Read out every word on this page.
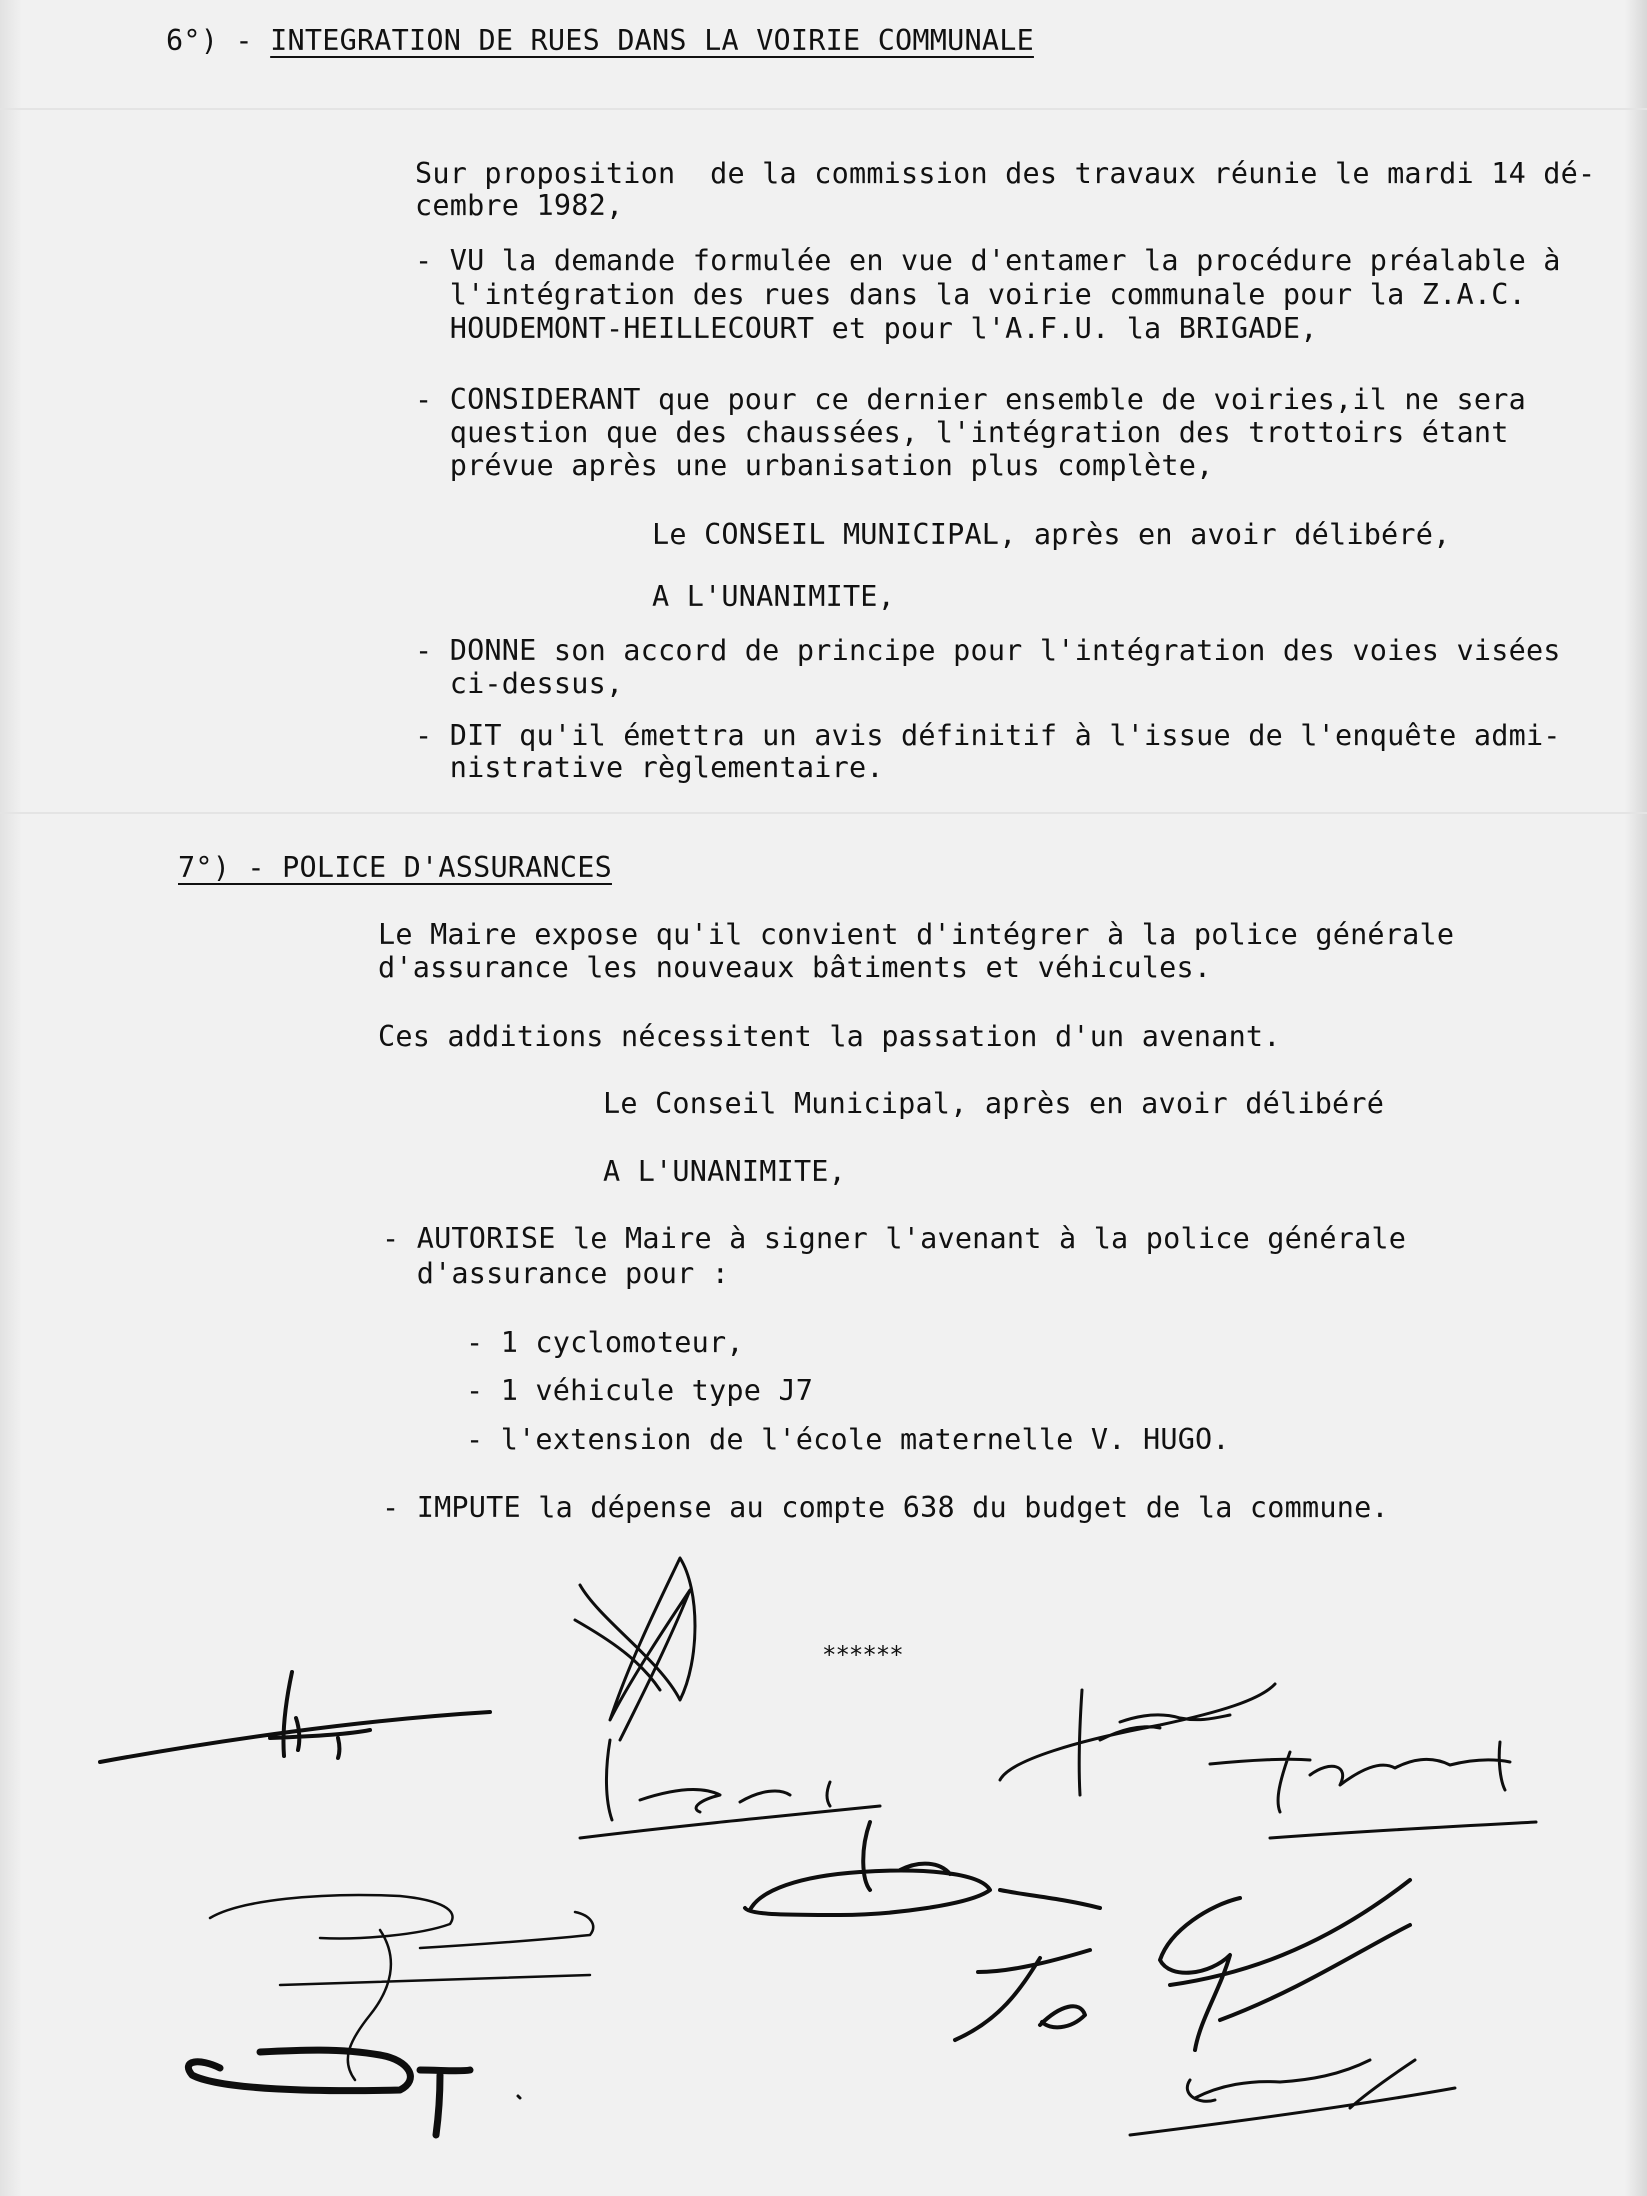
6°) - INTEGRATION DE RUES DANS LA VOIRIE COMMUNALE
Sur proposition  de la commission des travaux réunie le mardi 14 dé-
cembre 1982,
- VU la demande formulée en vue d'entamer la procédure préalable à
l'intégration des rues dans la voirie communale pour la Z.A.C.
HOUDEMONT-HEILLECOURT et pour l'A.F.U. la BRIGADE,
- CONSIDERANT que pour ce dernier ensemble de voiries,il ne sera
question que des chaussées, l'intégration des trottoirs étant
prévue après une urbanisation plus complète,
Le CONSEIL MUNICIPAL, après en avoir délibéré,
A L'UNANIMITE,
- DONNE son accord de principe pour l'intégration des voies visées
ci-dessus,
- DIT qu'il émettra un avis définitif à l'issue de l'enquête admi-
nistrative règlementaire.
7°) - POLICE D'ASSURANCES
Le Maire expose qu'il convient d'intégrer à la police générale
d'assurance les nouveaux bâtiments et véhicules.
Ces additions nécessitent la passation d'un avenant.
Le Conseil Municipal, après en avoir délibéré
A L'UNANIMITE,
- AUTORISE le Maire à signer l'avenant à la police générale
d'assurance pour :
- 1 cyclomoteur,
- 1 véhicule type J7
- l'extension de l'école maternelle V. HUGO.
- IMPUTE la dépense au compte 638 du budget de la commune.
******
